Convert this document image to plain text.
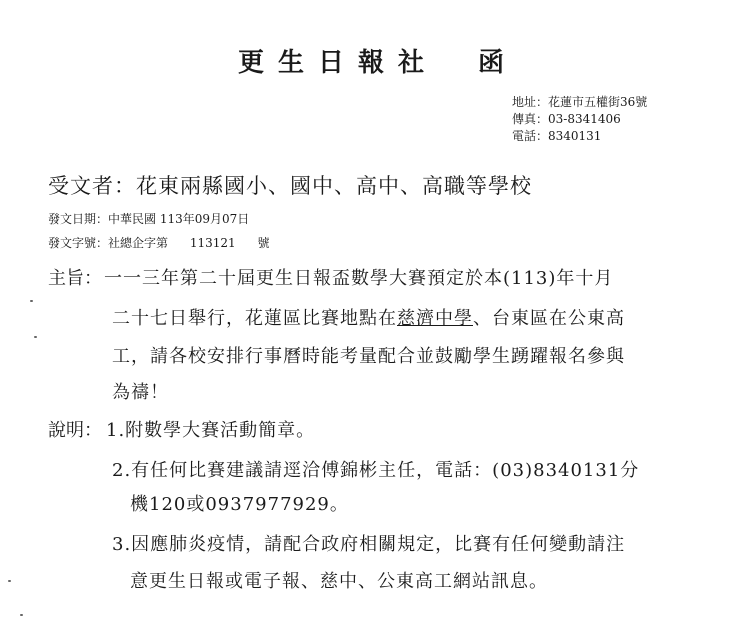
更生日報社　函
地址：花蓮市五權街36號
傳真：03-8341406
電話：8340131
受文者：花東兩縣國小、國中、高中、高職等學校
發文日期：中華民國 113年09月07日
發文字號：社總企字第 113121 號
主旨： 一一三年第二十屆更生日報盃數學大賽預定於本(113)年十月
二十七日舉行，花蓮區比賽地點在慈濟中學、台東區在公東高
工，請各校安排行事曆時能考量配合並鼓勵學生踴躍報名參與
為禱！
說明： 1.附數學大賽活動簡章。
2.有任何比賽建議請逕洽傅錦彬主任，電話：(03)8340131分
機120或0937977929。
3.因應肺炎疫情，請配合政府相關規定，比賽有任何變動請注
意更生日報或電子報、慈中、公東高工網站訊息。
